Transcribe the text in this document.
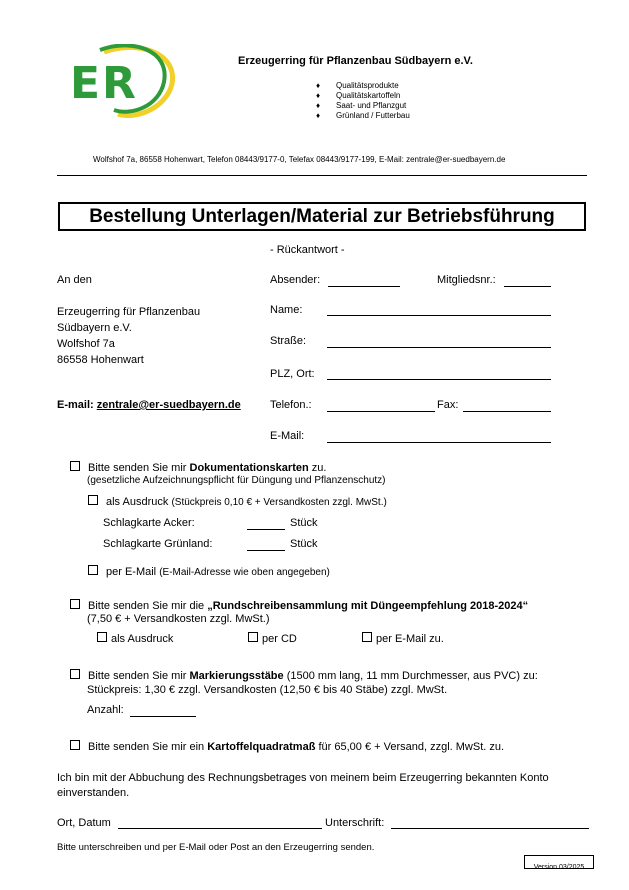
ER	Erzeugerring für Pflanzenbau Südbayern e.V.
♦ Qualitätsprodukte
♦ Qualitätskartoffeln
♦ Saat- und Pflanzgut
♦ Grünland / Futterbau
Wolfshof 7a, 86558 Hohenwart, Telefon 08443/9177-0, Telefax 08443/9177-199, E-Mail: zentrale@er-suedbayern.de
Bestellung Unterlagen/Material zur Betriebsführung
- Rückantwort -
An den
Erzeugerring für Pflanzenbau
Südbayern e.V.
Wolfshof 7a
86558 Hohenwart
E-mail: zentrale@er-suedbayern.de
Absender:	Mitgliedsnr.:
Name:
Straße:
PLZ, Ort:
Telefon.:	Fax:
E-Mail:
Bitte senden Sie mir Dokumentationskarten zu.
(gesetzliche Aufzeichnungspflicht für Düngung und Pflanzenschutz)
als Ausdruck (Stückpreis 0,10 € + Versandkosten zzgl. MwSt.)
Schlagkarte Acker:	Stück
Schlagkarte Grünland:	Stück
per E-Mail (E-Mail-Adresse wie oben angegeben)
Bitte senden Sie mir die „Rundschreibensammlung mit Düngeempfehlung 2018-2024“
(7,50 € + Versandkosten zzgl. MwSt.)
als Ausdruck	per CD	per E-Mail zu.
Bitte senden Sie mir Markierungsstäbe (1500 mm lang, 11 mm Durchmesser, aus PVC) zu:
Stückpreis: 1,30 € zzgl. Versandkosten (12,50 € bis 40 Stäbe) zzgl. MwSt.
Anzahl:
Bitte senden Sie mir ein Kartoffelquadratmaß für 65,00 € + Versand, zzgl. MwSt. zu.
Ich bin mit der Abbuchung des Rechnungsbetrages von meinem beim Erzeugerring bekannten Konto
einverstanden.
Ort, Datum	Unterschrift:
Bitte unterschreiben und per E-Mail oder Post an den Erzeugerring senden.
Version 03/2025
